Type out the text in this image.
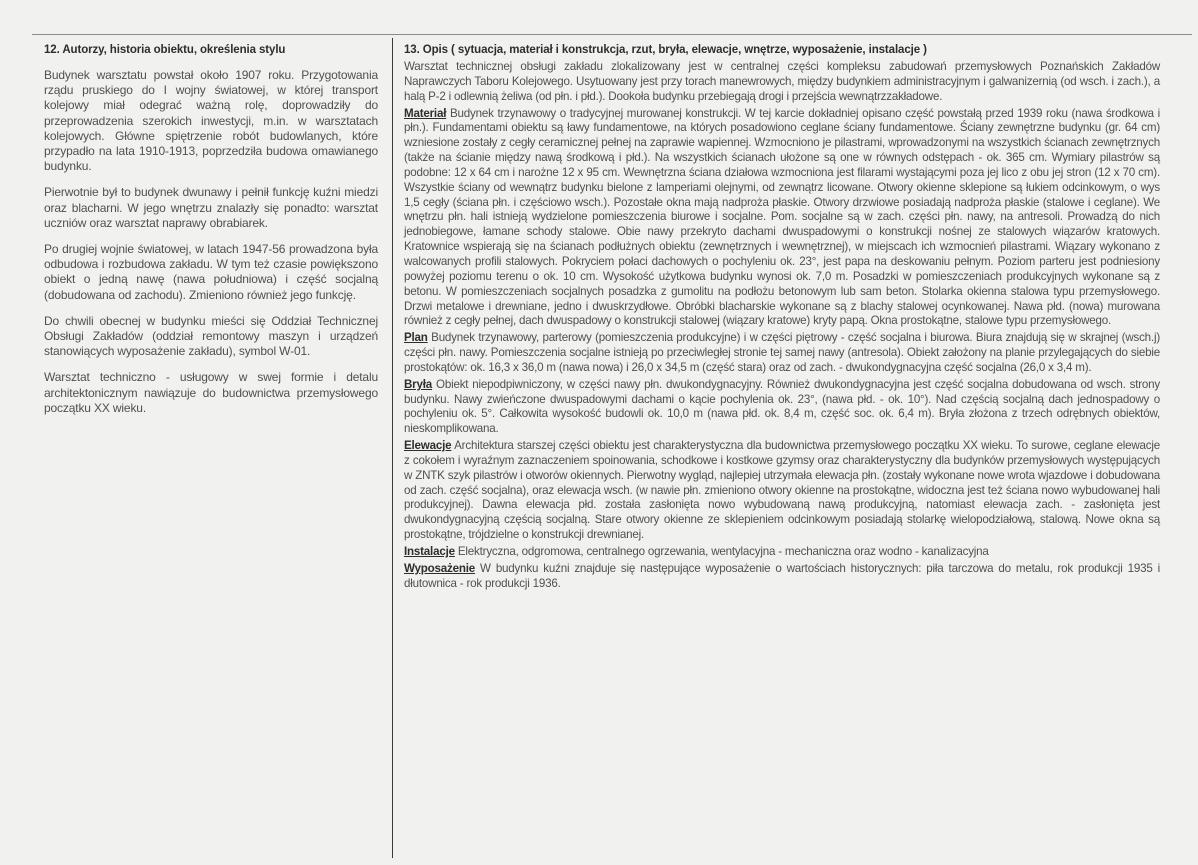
12. Autorzy, historia obiektu, określenia stylu

Budynek warsztatu powstał około 1907 roku. Przygotowania rządu pruskiego do I wojny światowej, w której transport kolejowy miał odegrać ważną rolę, doprowadziły do przeprowadzenia szerokich inwestycji, m.in. w warsztatach kolejowych. Główne spiętrzenie robót budowlanych, które przypadło na lata 1910-1913, poprzedziła budowa omawianego budynku.

Pierwotnie był to budynek dwunawy i pełnił funkcję kuźni miedzi oraz blacharni. W jego wnętrzu znalazły się ponadto: warsztat uczniów oraz warsztat naprawy obrabiarek.

Po drugiej wojnie światowej, w latach 1947-56 prowadzona była odbudowa i rozbudowa zakładu. W tym też czasie powiększono obiekt o jedną nawę (nawa południowa) i część socjalną (dobudowana od zachodu). Zmieniono również jego funkcję.

Do chwili obecnej w budynku mieści się Oddział Technicznej Obsługi Zakładów (oddział remontowy maszyn i urządzeń stanowiących wyposażenie zakładu), symbol W-01.

Warsztat techniczno - usługowy w swej formie i detalu architektonicznym nawiązuje do budownictwa przemysłowego początku XX wieku.

13. Opis ( sytuacja, materiał i konstrukcja, rzut, bryła, elewacje, wnętrze, wyposażenie, instalacje )

Warsztat technicznej obsługi zakładu zlokalizowany jest w centralnej części kompleksu zabudowań przemysłowych Poznańskich Zakładów Naprawczych Taboru Kolejowego. Usytuowany jest przy torach manewrowych, między budynkiem administracyjnym i galwanizernią (od wsch. i zach.), a halą P-2 i odlewnią żeliwa (od płn. i płd.). Dookoła budynku przebiegają drogi i przejścia wewnątrzzakładowe.

Materiał Budynek trzynawowy o tradycyjnej murowanej konstrukcji. W tej karcie dokładniej opisano część powstałą przed 1939 roku (nawa środkowa i płn.). Fundamentami obiektu są ławy fundamentowe, na których posadowiono ceglane ściany fundamentowe. Ściany zewnętrzne budynku (gr. 64 cm) wzniesione zostały z cegły ceramicznej pełnej na zaprawie wapiennej. Wzmocniono je pilastrami, wprowadzonymi na wszystkich ścianach zewnętrznych (także na ścianie między nawą środkową i płd.). Na wszystkich ścianach ułożone są one w równych odstępach - ok. 365 cm. Wymiary pilastrów są podobne: 12 x 64 cm i narożne 12 x 95 cm. Wewnętrzna ściana działowa wzmocniona jest filarami wystającymi poza jej lico z obu jej stron (12 x 70 cm). Wszystkie ściany od wewnątrz budynku bielone z lamperiami olejnymi, od zewnątrz licowane. Otwory okienne sklepione są łukiem odcinkowym, o wys 1,5 cegły (ściana płn. i częściowo wsch.). Pozostałe okna mają nadproża płaskie. Otwory drzwiowe posiadają nadproża płaskie (stalowe i ceglane). We wnętrzu płn. hali istnieją wydzielone pomieszczenia biurowe i socjalne. Pom. socjalne są w zach. części płn. nawy, na antresoli. Prowadzą do nich jednobiegowe, łamane schody stalowe. Obie nawy przekryto dachami dwuspadowymi o konstrukcji nośnej ze stalowych wiązarów kratowych. Kratownice wspierają się na ścianach podłużnych obiektu (zewnętrznych i wewnętrznej), w miejscach ich wzmocnień pilastrami. Wiązary wykonano z walcowanych profili stalowych. Pokryciem połaci dachowych o pochyleniu ok. 23°, jest papa na deskowaniu pełnym. Poziom parteru jest podniesiony powyżej poziomu terenu o ok. 10 cm. Wysokość użytkowa budynku wynosi ok. 7,0 m. Posadzki w pomieszczeniach produkcyjnych wykonane są z betonu. W pomieszczeniach socjalnych posadzka z gumolitu na podłożu betonowym lub sam beton. Stolarka okienna stalowa typu przemysłowego. Drzwi metalowe i drewniane, jedno i dwuskrzydłowe. Obróbki blacharskie wykonane są z blachy stalowej ocynkowanej. Nawa płd. (nowa) murowana również z cegły pełnej, dach dwuspadowy o konstrukcji stalowej (wiązary kratowe) kryty papą. Okna prostokątne, stalowe typu przemysłowego.

Plan Budynek trzynawowy, parterowy (pomieszczenia produkcyjne) i w części piętrowy - część socjalna i biurowa. Biura znajdują się w skrajnej (wsch.j) części płn. nawy. Pomieszczenia socjalne istnieją po przeciwległej stronie tej samej nawy (antresola). Obiekt założony na planie przylegających do siebie prostokątów: ok. 16,3 x 36,0 m (nawa nowa) i 26,0 x 34,5 m (część stara) oraz od zach. - dwukondygnacyjna część socjalna (26,0 x 3,4 m).

Bryła Obiekt niepodpiwniczony, w części nawy płn. dwukondygnacyjny. Również dwukondygnacyjna jest część socjalna dobudowana od wsch. strony budynku. Nawy zwieńczone dwuspadowymi dachami o kącie pochylenia ok. 23°, (nawa płd. - ok. 10°). Nad częścią socjalną dach jednospadowy o pochyleniu ok. 5°. Całkowita wysokość budowli ok. 10,0 m (nawa płd. ok. 8,4 m, część soc. ok. 6,4 m). Bryła złożona z trzech odrębnych obiektów, nieskomplikowana.

Elewacje Architektura starszej części obiektu jest charakterystyczna dla budownictwa przemysłowego początku XX wieku. To surowe, ceglane elewacje z cokołem i wyraźnym zaznaczeniem spoinowania, schodkowe i kostkowe gzymsy oraz charakterystyczny dla budynków przemysłowych występujących w ZNTK szyk pilastrów i otworów okiennych. Pierwotny wygląd, najlepiej utrzymała elewacja płn. (zostały wykonane nowe wrota wjazdowe i dobudowana od zach. część socjalna), oraz elewacja wsch. (w nawie płn. zmieniono otwory okienne na prostokątne, widoczna jest też ściana nowo wybudowanej hali produkcyjnej). Dawna elewacja płd. została zasłonięta nowo wybudowaną nawą produkcyjną, natomiast elewacja zach. - zasłonięta jest dwukondygnacyjną częścią socjalną. Stare otwory okienne ze sklepieniem odcinkowym posiadają stolarkę wielopodziałową, stalową. Nowe okna są prostokątne, trójdzielne o konstrukcji drewnianej.

Instalacje Elektryczna, odgromowa, centralnego ogrzewania, wentylacyjna - mechaniczna oraz wodno - kanalizacyjna

Wyposażenie W budynku kuźni znajduje się następujące wyposażenie o wartościach historycznych: piła tarczowa do metalu, rok produkcji 1935 i dłutownica - rok produkcji 1936.
